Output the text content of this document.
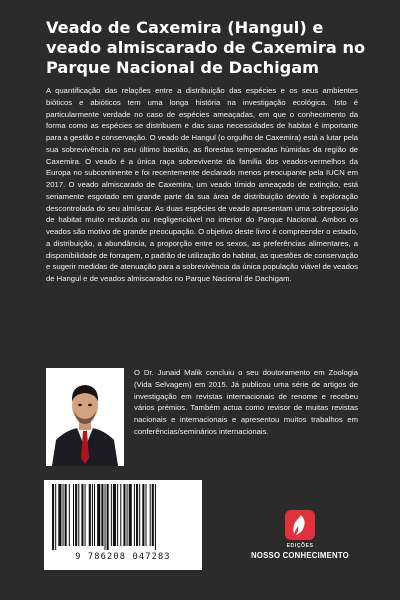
Veado de Caxemira (Hangul) e veado almiscarado de Caxemira no Parque Nacional de Dachigam

A quantificação das relações entre a distribuição das espécies e os seus ambientes bióticos e abióticos tem uma longa história na investigação ecológica. Isto é particularmente verdade no caso de espécies ameaçadas, em que o conhecimento da forma como as espécies se distribuem e das suas necessidades de habitat é importante para a gestão e conservação. O veado de Hangul (o orgulho de Caxemira) está a lutar pela sua sobrevivência no seu último bastião, as florestas temperadas húmidas da região de Caxemira. O veado é a única raça sobrevivente da família dos veados-vermelhos da Europa no subcontinente e foi recentemente declarado menos preocupante pela IUCN em 2017. O veado almiscarado de Caxemira, um veado tímido ameaçado de extinção, está seriamente esgotado em grande parte da sua área de distribuição devido à exploração descontrolada do seu almíscar. As duas espécies de veado apresentam uma sobreposição de habitat muito reduzida ou negligenciável no interior do Parque Nacional. Ambos os veados são motivo de grande preocupação. O objetivo deste livro é compreender o estado, a distribuição, a abundância, a proporção entre os sexos, as preferências alimentares, a disponibilidade de forragem, o padrão de utilização do habitat, as questões de conservação e sugerir medidas de atenuação para a sobrevivência da única população viável de veados de Hangul e de veados almiscarados no Parque Nacional de Dachigam.

O Dr. Junaid Malik concluiu o seu doutoramento em Zoologia (Vida Selvagem) em 2015. Já publicou uma série de artigos de investigação em revistas internacionais de renome e recebeu vários prémios. Também actua como revisor de muitas revistas nacionais e internacionais e apresentou muitos trabalhos em conferências/seminários internacionais.

9 786208 047283
EDIÇÕES
NOSSO CONHECIMENTO
